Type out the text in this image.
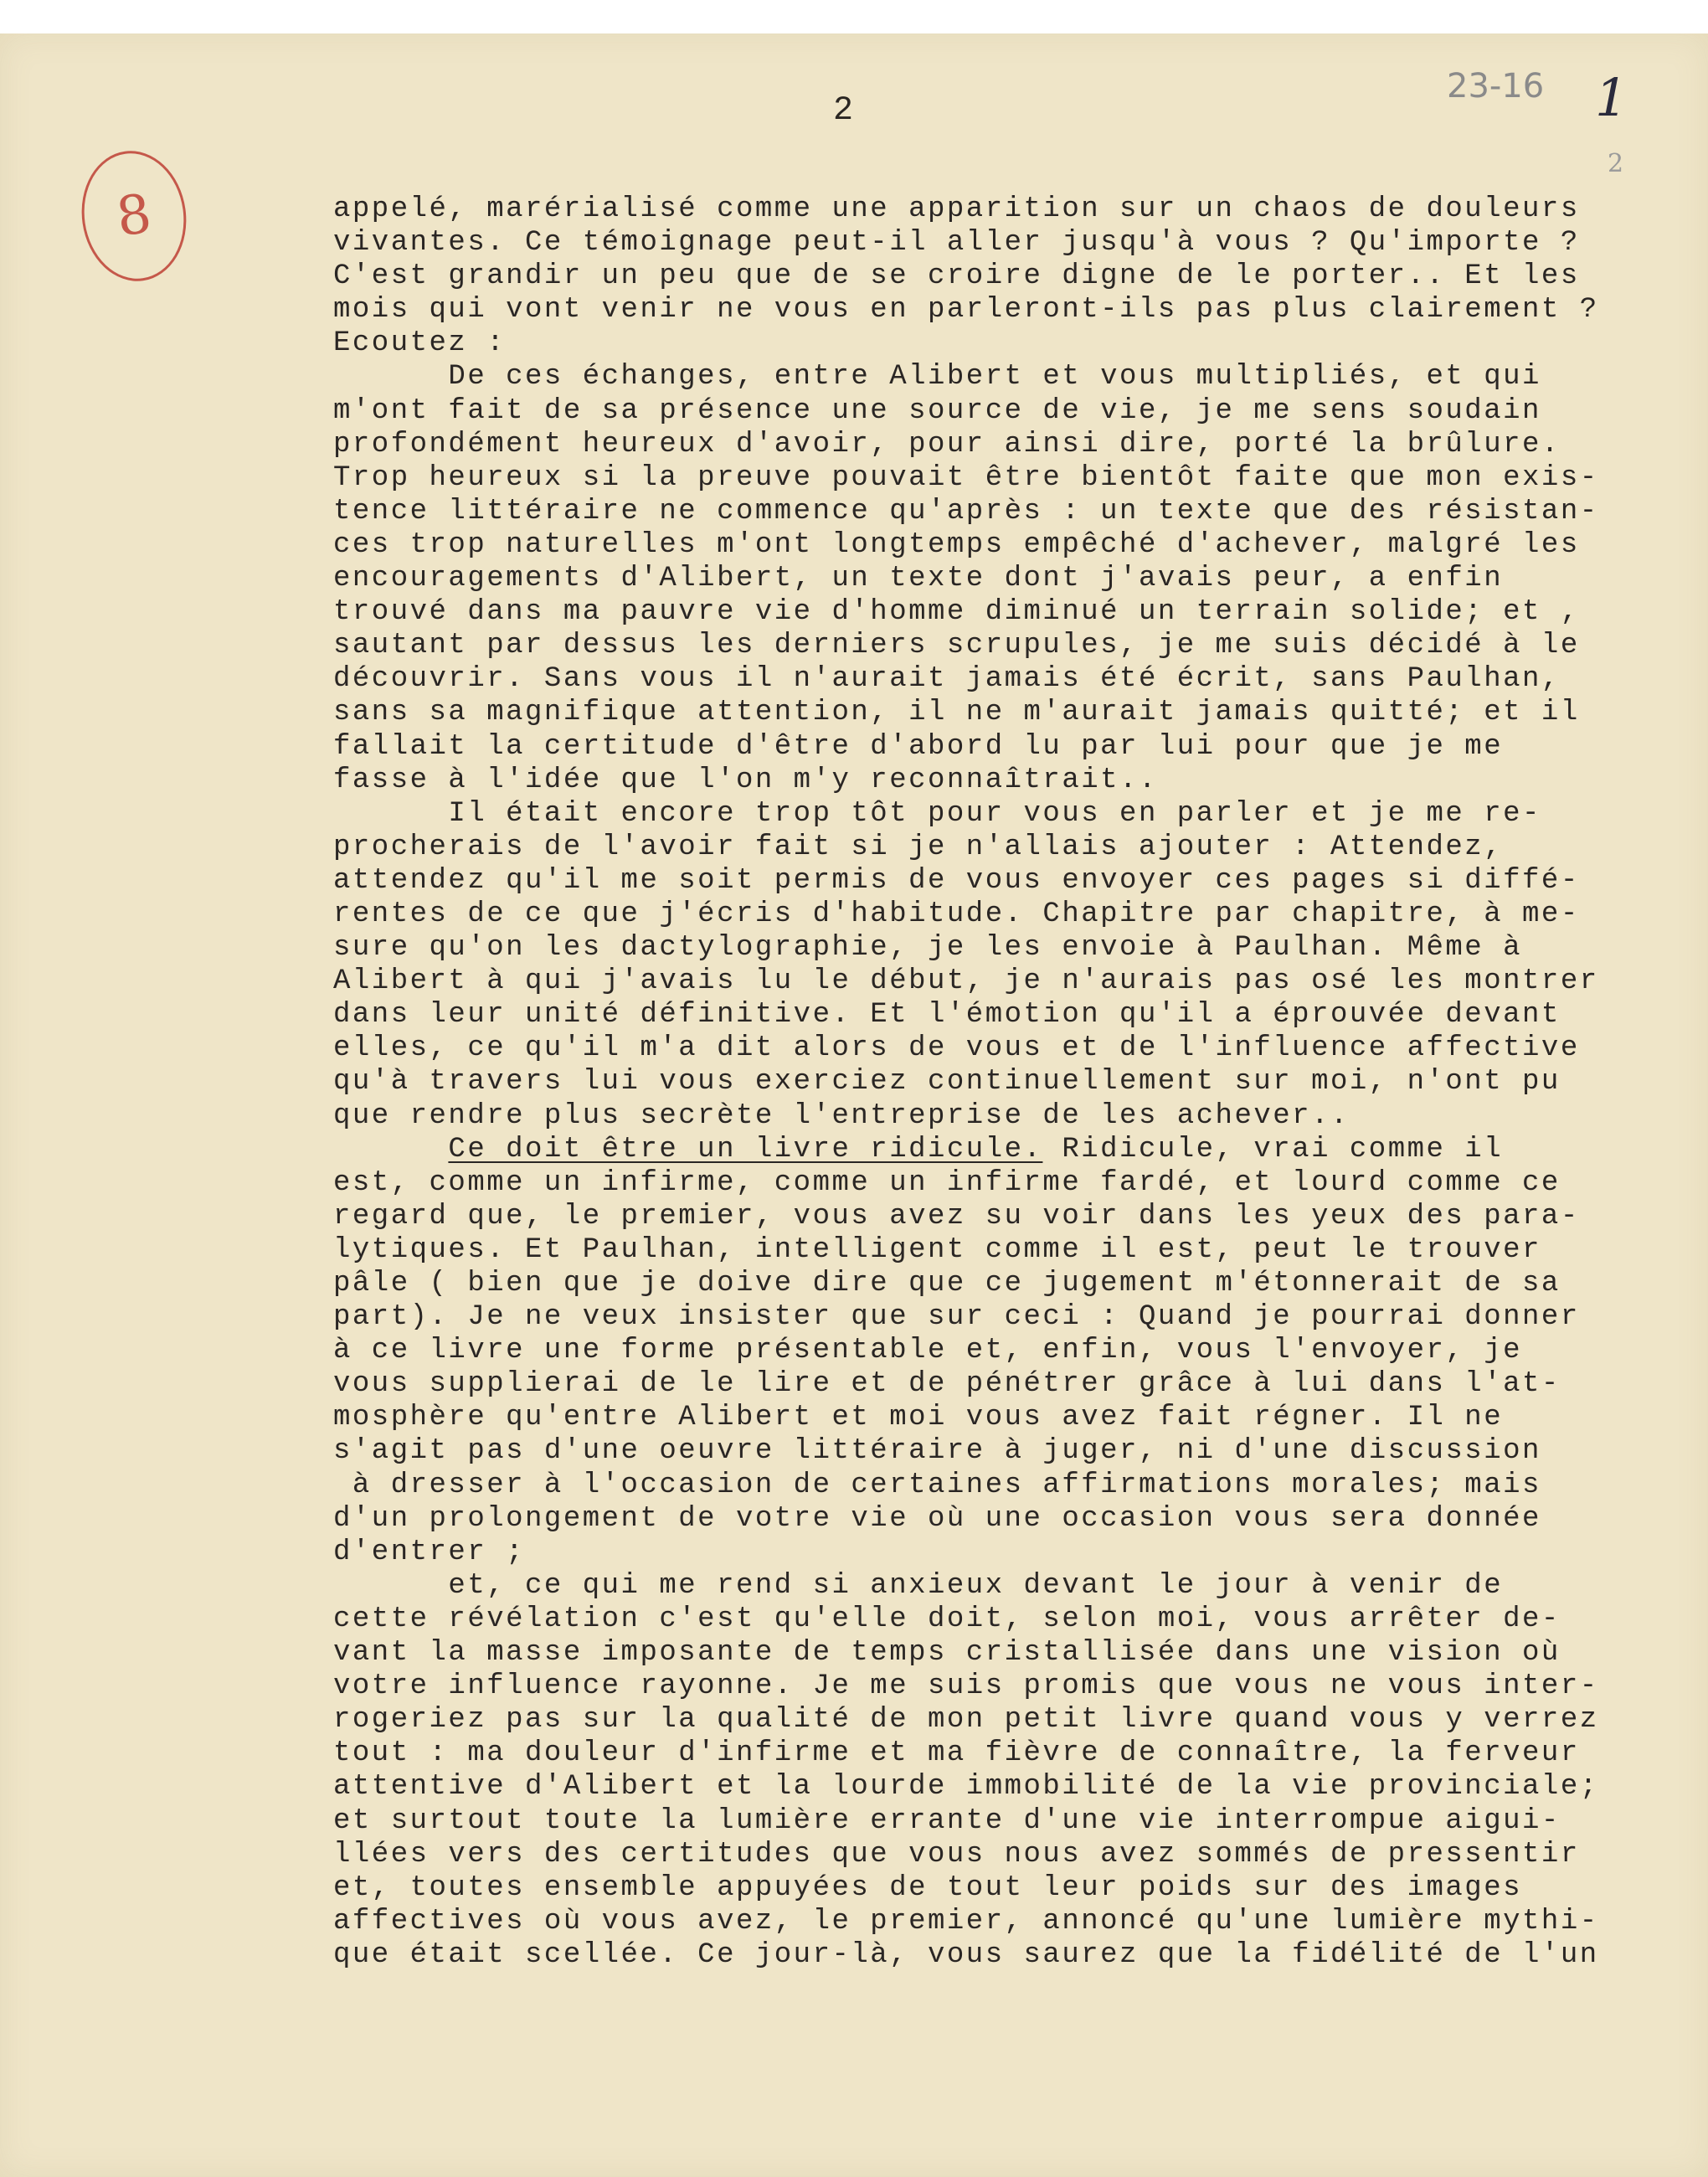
2
8
23-16 1
2
appelé, marérialisé comme une apparition sur un chaos de douleurs
vivantes. Ce témoignage peut-il aller jusqu'à vous ? Qu'importe ?
C'est grandir un peu que de se croire digne de le porter.. Et les
mois qui vont venir ne vous en parleront-ils pas plus clairement ?
Ecoutez :
De ces échanges, entre Alibert et vous multipliés, et qui
m'ont fait de sa présence une source de vie, je me sens soudain
profondément heureux d'avoir, pour ainsi dire, porté la brûlure.
Trop heureux si la preuve pouvait être bientôt faite que mon exis-
tence littéraire ne commence qu'après : un texte que des résistan-
ces trop naturelles m'ont longtemps empêché d'achever, malgré les
encouragements d'Alibert, un texte dont j'avais peur, a enfin
trouvé dans ma pauvre vie d'homme diminué un terrain solide; et ,
sautant par dessus les derniers scrupules, je me suis décidé à le
découvrir. Sans vous il n'aurait jamais été écrit, sans Paulhan,
sans sa magnifique attention, il ne m'aurait jamais quitté; et il
fallait la certitude d'être d'abord lu par lui pour que je me
fasse à l'idée que l'on m'y reconnaîtrait..
Il était encore trop tôt pour vous en parler et je me re-
procherais de l'avoir fait si je n'allais ajouter : Attendez,
attendez qu'il me soit permis de vous envoyer ces pages si diffé-
rentes de ce que j'écris d'habitude. Chapitre par chapitre, à me-
sure qu'on les dactylographie, je les envoie à Paulhan. Même à
Alibert à qui j'avais lu le début, je n'aurais pas osé les montrer
dans leur unité définitive. Et l'émotion qu'il a éprouvée devant
elles, ce qu'il m'a dit alors de vous et de l'influence affective
qu'à travers lui vous exerciez continuellement sur moi, n'ont pu
que rendre plus secrète l'entreprise de les achever..
Ce doit être un livre ridicule. Ridicule, vrai comme il
est, comme un infirme, comme un infirme fardé, et lourd comme ce
regard que, le premier, vous avez su voir dans les yeux des para-
lytiques. Et Paulhan, intelligent comme il est, peut le trouver
pâle ( bien que je doive dire que ce jugement m'étonnerait de sa
part). Je ne veux insister que sur ceci : Quand je pourrai donner
à ce livre une forme présentable et, enfin, vous l'envoyer, je
vous supplierai de le lire et de pénétrer grâce à lui dans l'at-
mosphère qu'entre Alibert et moi vous avez fait régner. Il ne
s'agit pas d'une oeuvre littéraire à juger, ni d'une discussion
à dresser à l'occasion de certaines affirmations morales; mais
d'un prolongement de votre vie où une occasion vous sera donnée
d'entrer ;
et, ce qui me rend si anxieux devant le jour à venir de
cette révélation c'est qu'elle doit, selon moi, vous arrêter de-
vant la masse imposante de temps cristallisée dans une vision où
votre influence rayonne. Je me suis promis que vous ne vous inter-
rogeriez pas sur la qualité de mon petit livre quand vous y verrez
tout : ma douleur d'infirme et ma fièvre de connaître, la ferveur
attentive d'Alibert et la lourde immobilité de la vie provinciale;
et surtout toute la lumière errante d'une vie interrompue aigui-
llées vers des certitudes que vous nous avez sommés de pressentir
et, toutes ensemble appuyées de tout leur poids sur des images
affectives où vous avez, le premier, annoncé qu'une lumière mythi-
que était scellée. Ce jour-là, vous saurez que la fidélité de l'un
